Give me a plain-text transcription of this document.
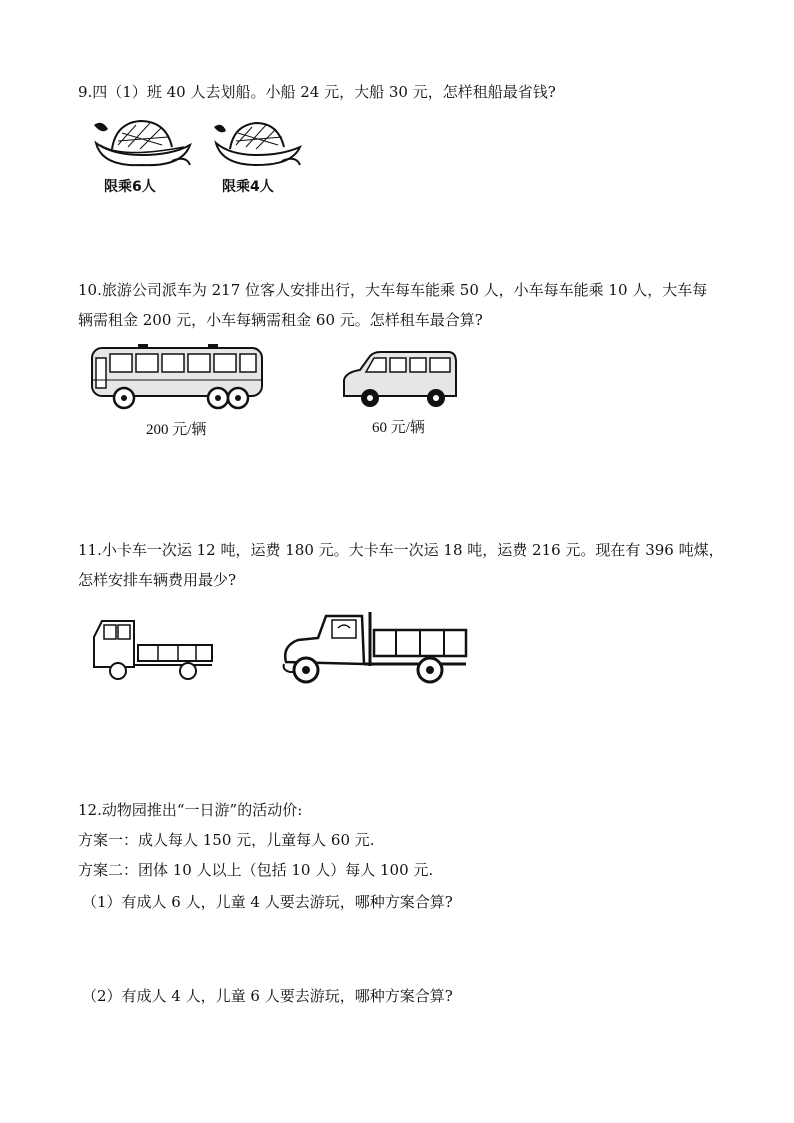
9.四（1）班 40 人去划船。小船 24 元，大船 30 元，怎样租船最省钱?
限乘6人	限乘4人
10.旅游公司派车为 217 位客人安排出行，大车每车能乘 50 人，小车每车能乘 10 人，大车每
辆需租金 200 元，小车每辆需租金 60 元。怎样租车最合算?
200 元/辆	60 元/辆
11.小卡车一次运 12 吨，运费 180 元。大卡车一次运 18 吨，运费 216 元。现在有 396 吨煤，
怎样安排车辆费用最少?
12.动物园推出“一日游”的活动价:
方案一：成人每人 150 元，儿童每人 60 元.
方案二：团体 10 人以上（包括 10 人）每人 100 元.
（1）有成人 6 人，儿童 4 人要去游玩，哪种方案合算?
（2）有成人 4 人，儿童 6 人要去游玩，哪种方案合算?
